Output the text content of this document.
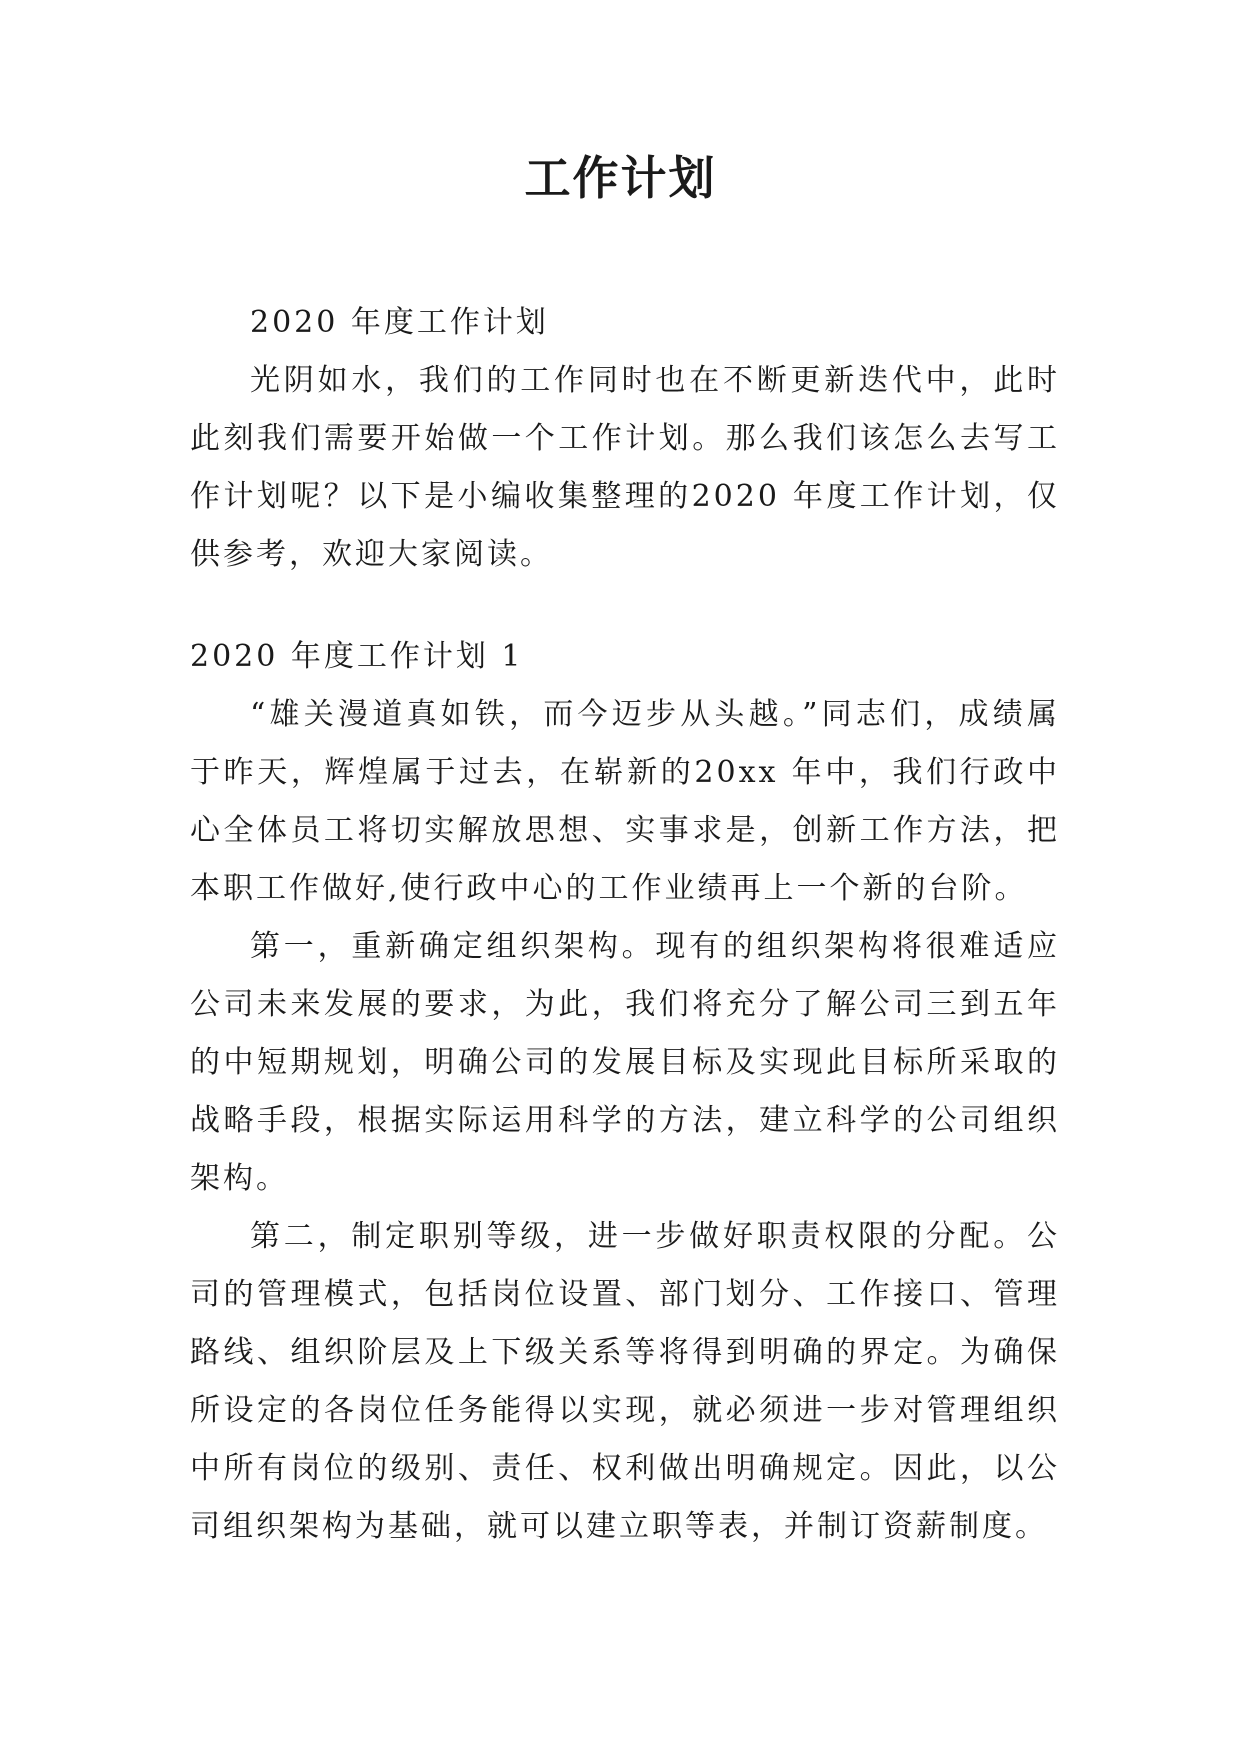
工作计划

2020 年度工作计划

光阴如水，我们的工作同时也在不断更新迭代中，此时此刻我们需要开始做一个工作计划。那么我们该怎么去写工作计划呢？以下是小编收集整理的2020 年度工作计划，仅供参考，欢迎大家阅读。

2020 年度工作计划 1

“雄关漫道真如铁，而今迈步从头越。”同志们，成绩属于昨天，辉煌属于过去，在崭新的20xx 年中，我们行政中心全体员工将切实解放思想、实事求是，创新工作方法，把本职工作做好,使行政中心的工作业绩再上一个新的台阶。

第一，重新确定组织架构。现有的组织架构将很难适应公司未来发展的要求，为此，我们将充分了解公司三到五年的中短期规划，明确公司的发展目标及实现此目标所采取的战略手段，根据实际运用科学的方法，建立科学的公司组织架构。

第二，制定职别等级，进一步做好职责权限的分配。公司的管理模式，包括岗位设置、部门划分、工作接口、管理路线、组织阶层及上下级关系等将得到明确的界定。为确保所设定的各岗位任务能得以实现，就必须进一步对管理组织中所有岗位的级别、责任、权利做出明确规定。因此，以公司组织架构为基础，就可以建立职等表，并制订资薪制度。
